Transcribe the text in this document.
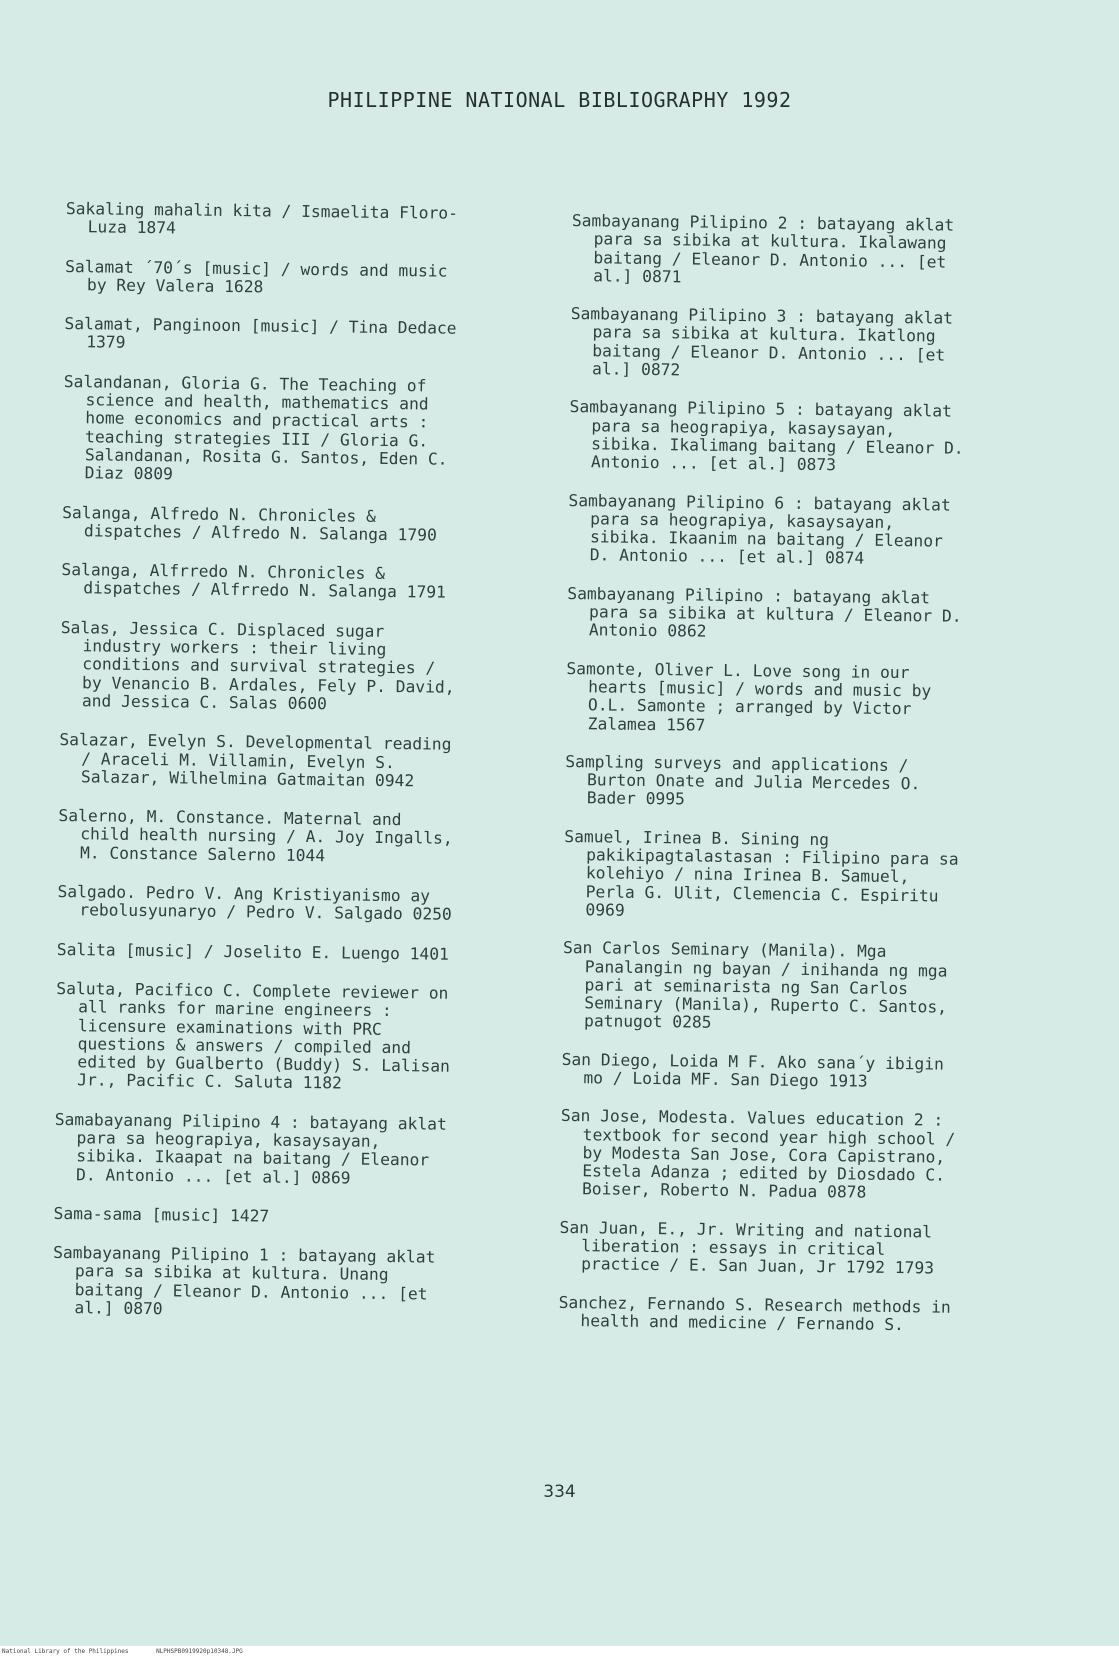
PHILIPPINE NATIONAL BIBLIOGRAPHY 1992
Sakaling mahalin kita / Ismaelita Floro-
Luza 1874
Salamat ´70´s [music] / words and music
by Rey Valera 1628
Salamat, Panginoon [music] / Tina Dedace
1379
Salandanan, Gloria G. The Teaching of
science and health, mathematics and
home economics and practical arts :
teaching strategies III / Gloria G.
Salandanan, Rosita G. Santos, Eden C.
Diaz 0809
Salanga, Alfredo N. Chronicles &
dispatches / Alfredo N. Salanga 1790
Salanga, Alfrredo N. Chronicles &
dispatches / Alfrredo N. Salanga 1791
Salas, Jessica C. Displaced sugar
industry workers : their living
conditions and survival strategies /
by Venancio B. Ardales, Fely P. David,
and Jessica C. Salas 0600
Salazar, Evelyn S. Developmental reading
/ Araceli M. Villamin, Evelyn S.
Salazar, Wilhelmina Gatmaitan 0942
Salerno, M. Constance. Maternal and
child health nursing / A. Joy Ingalls,
M. Constance Salerno 1044
Salgado. Pedro V. Ang Kristiyanismo ay
rebolusyunaryo / Pedro V. Salgado 0250
Salita [music] / Joselito E. Luengo 1401
Saluta, Pacifico C. Complete reviewer on
all ranks for marine engineers :
licensure examinations with PRC
questions & answers / compiled and
edited by Gualberto (Buddy) S. Lalisan
Jr., Pacific C. Saluta 1182
Samabayanang Pilipino 4 : batayang aklat
para sa heograpiya, kasaysayan,
sibika. Ikaapat na baitang / Eleanor
D. Antonio ... [et al.] 0869
Sama-sama [music] 1427
Sambayanang Pilipino 1 : batayang aklat
para sa sibika at kultura. Unang
baitang / Eleanor D. Antonio ... [et
al.] 0870
Sambayanang Pilipino 2 : batayang aklat
para sa sibika at kultura. Ikalawang
baitang / Eleanor D. Antonio ... [et
al.] 0871
Sambayanang Pilipino 3 : batayang aklat
para sa sibika at kultura. Ikatlong
baitang / Eleanor D. Antonio ... [et
al.] 0872
Sambayanang Pilipino 5 : batayang aklat
para sa heograpiya, kasaysayan,
sibika. Ikalimang baitang / Eleanor D.
Antonio ... [et al.] 0873
Sambayanang Pilipino 6 : batayang aklat
para sa heograpiya, kasaysayan,
sibika. Ikaanim na baitang / Eleanor
D. Antonio ... [et al.] 0874
Sambayanang Pilipino : batayang aklat
para sa sibika at kultura / Eleanor D.
Antonio 0862
Samonte, Oliver L. Love song in our
hearts [music] / words and music by
O.L. Samonte ; arranged by Victor
Zalamea 1567
Sampling surveys and applications /
Burton Onate and Julia Mercedes O.
Bader 0995
Samuel, Irinea B. Sining ng
pakikipagtalastasan : Filipino para sa
kolehiyo / nina Irinea B. Samuel,
Perla G. Ulit, Clemencia C. Espiritu
0969
San Carlos Seminary (Manila). Mga
Panalangin ng bayan / inihanda ng mga
pari at seminarista ng San Carlos
Seminary (Manila), Ruperto C. Santos,
patnugot 0285
San Diego, Loida M F. Ako sana´y ibigin
mo / Loida MF. San Diego 1913
San Jose, Modesta. Values education 2 :
textbook for second year high school /
by Modesta San Jose, Cora Capistrano,
Estela Adanza ; edited by Diosdado C.
Boiser, Roberto N. Padua 0878
San Juan, E., Jr. Writing and national
liberation : essays in critical
practice / E. San Juan, Jr 1792 1793
Sanchez, Fernando S. Research methods in
health and medicine / Fernando S.
334
National Library of the Philippines	NLPHSPB0919920p10348.JPG
